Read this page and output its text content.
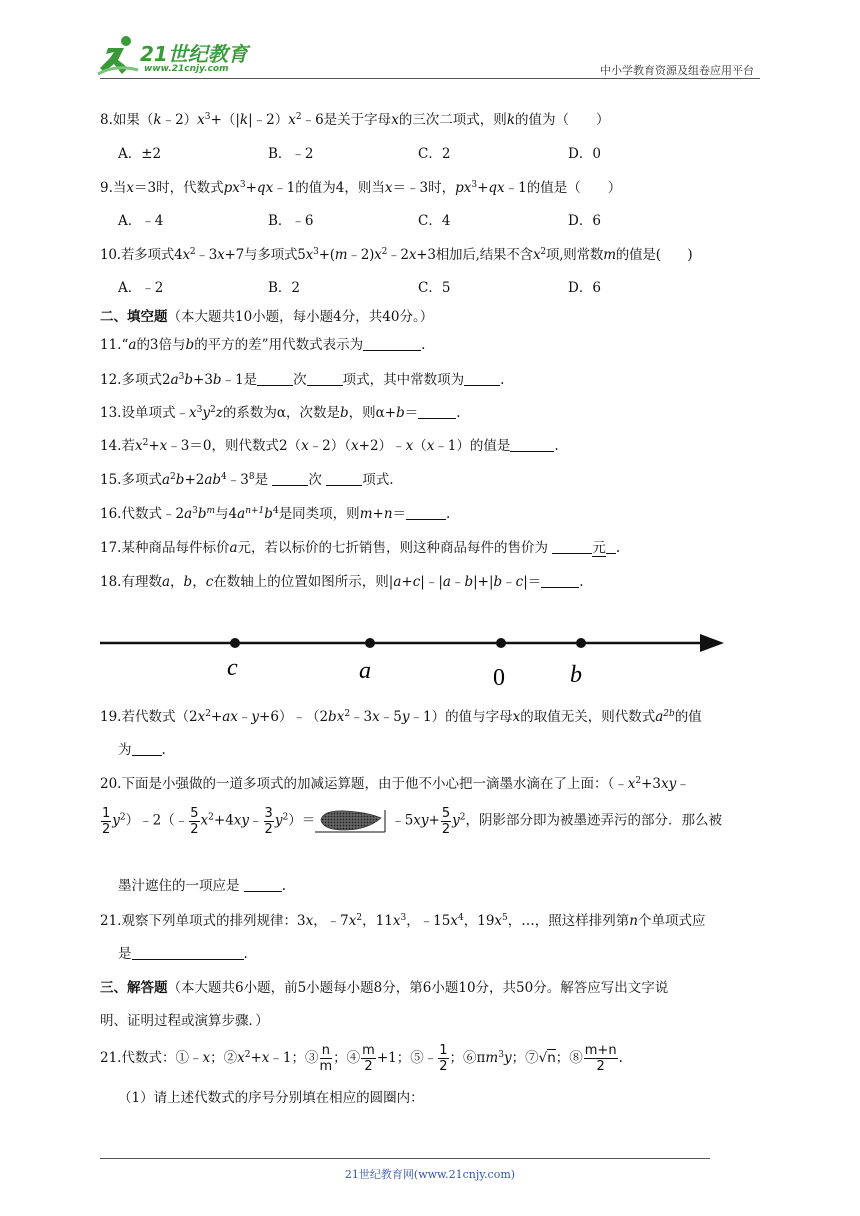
21世纪教育
www.21cnjy.com	中小学教育资源及组卷应用平台
8.如果$(k﹣2)x^3+(|k|﹣2)x^2﹣6$是关于字母x的三次二项式，则k的值为（　　）
A．±2	B．﹣2	C．2	D．0
9.当x＝3时，代数式$px^3+qx﹣1$的值为4，则当x＝﹣3时，$px^3+qx﹣1$的值是（　　）
A．﹣4	B．﹣6	C．4	D．6
10.若多项式$4x^2﹣3x+7$与多项式$5x^3+(m﹣2)x^2﹣2x+3$相加后,结果不含$x^2$项,则常数m的值是(　　)
A．﹣2	B．2	C．5	D．6
二、填空题（本大题共10小题，每小题4分，共40分。）
11.“a的3倍与b的平方的差”用代数式表示为	.
12.多项式$2a^3b+3b﹣1$是	次	项式，其中常数项为	.
13.设单项式$﹣x^3y^2z$的系数为α，次数是b，则α+b＝	.
14.若$x^2+x﹣3=0$，则代数式2（x﹣2）（x+2）﹣x（x﹣1）的值是	.
15.多项式$a^2b+2ab^4﹣3^8$是	次	项式.
16.代数式$﹣2a^3b^m$与$4a^{n+1}b^4$是同类项，则m+n＝	.
17.某种商品每件标价a元，若以标价的七折销售，则这种商品每件的售价为	元 .
18.有理数a，b，c在数轴上的位置如图所示，则|a+c|﹣|a﹣b|+|b﹣c|＝	.
c	a	0	b
19.若代数式$(2x^2+ax﹣y+6)﹣(2bx^2﹣3x﹣5y﹣1)$的值与字母x的取值无关，则代数式$a^{2b}$的值
为 .
20.下面是小强做的一道多项式的加减运算题，由于他不小心把一滴墨水滴在了上面：（$﹣x^2+3xy﹣$
$\frac{1}{2}$ $y^2)﹣2(﹣ \frac{5}{2}$ $x^2+4xy﹣ \frac{3}{2} y^2)=$	﹣5xy+ $\frac{5}{2} y^2$，阴影部分即为被墨迹弄污的部分．那么被
墨汁遮住的一项应是	.
21.观察下列单项式的排列规律：3x，$﹣7x^2$，$11x^3$，$﹣15x^4$，$19x^5$，…，照这样排列第n个单项式应
是	.
三、解答题（本大题共6小题，前5小题每小题8分，第6小题10分，共50分。解答应写出文字说
明、证明过程或演算步骤．）
21.代数式：①﹣x；$②x^2+x﹣1$；③ $\frac{n}{m}$ ；④ $\frac{m}{2} +1$；⑤﹣ $\frac{1}{2}$ ；$⑥\pi m^3y$；⑦√n；⑧ $\frac{m+n}{2}$ .
（1）请上述代数式的序号分别填在相应的圆圈内：
21世纪教育网(www.21cnjy.com)
